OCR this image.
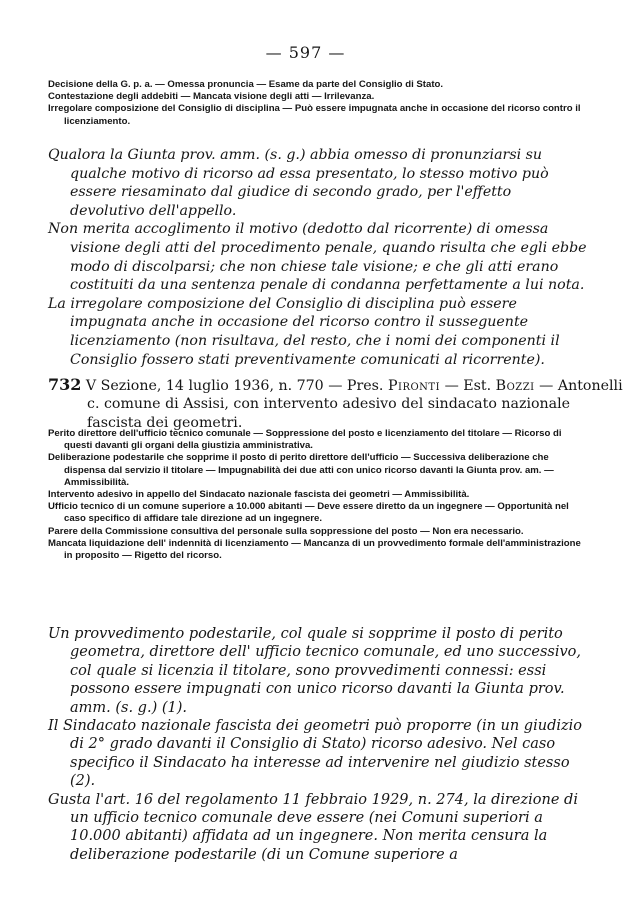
— 597 —
Decisione della G. p. a. — Omessa pronuncia — Esame da parte del Consiglio di Stato.
Contestazione degli addebiti — Mancata visione degli atti — Irrilevanza.
Irregolare composizione del Consiglio di disciplina — Può essere impugnata anche in occasione del ricorso contro il licenziamento.

Qualora la Giunta prov. amm. (s. g.) abbia omesso di pronunziarsi su qualche motivo di ricorso ad essa presentato, lo stesso motivo può essere riesaminato dal giudice di secondo grado, per l'effetto devolutivo dell'appello.

Non merita accoglimento il motivo (dedotto dal ricorrente) di omessa visione degli atti del procedimento penale, quando risulta che egli ebbe modo di discolparsi; che non chiese tale visione; e che gli atti erano costituiti da una sentenza penale di condanna perfettamente a lui nota.

La irregolare composizione del Consiglio di disciplina può essere impugnata anche in occasione del ricorso contro il susseguente licenziamento (non risultava, del resto, che i nomi dei componenti il Consiglio fossero stati preventivamente comunicati al ricorrente).

732 V Sezione, 14 luglio 1936, n. 770 — Pres. Pironti — Est. Bozzi — Antonelli c. comune di Assisi, con intervento adesivo del sindacato nazionale fascista dei geometri.
Perito direttore dell'ufficio tecnico comunale — Soppressione del posto e licenziamento del titolare — Ricorso di questi davanti gli organi della giustizia amministrativa.
Deliberazione podestarile che sopprime il posto di perito direttore dell'ufficio — Successiva deliberazione che dispensa dal servizio il titolare — Impugnabilità dei due atti con unico ricorso davanti la Giunta prov. am. — Ammissibilità.
Intervento adesivo in appello del Sindacato nazionale fascista dei geometri — Ammissibilità.
Ufficio tecnico di un comune superiore a 10.000 abitanti — Deve essere diretto da un ingegnere — Opportunità nel caso specifico di affidare tale direzione ad un ingegnere.
Parere della Commissione consultiva del personale sulla soppressione del posto — Non era necessario.
Mancata liquidazione dell' indennità di licenziamento — Mancanza di un provvedimento formale dell'amministrazione in proposito — Rigetto del ricorso.

Un provvedimento podestarile, col quale si sopprime il posto di perito geometra, direttore dell' ufficio tecnico comunale, ed uno successivo, col quale si licenzia il titolare, sono provvedimenti connessi: essi possono essere impugnati con unico ricorso davanti la Giunta prov. amm. (s. g.) (1).

Il Sindacato nazionale fascista dei geometri può proporre (in un giudizio di 2° grado davanti il Consiglio di Stato) ricorso adesivo. Nel caso specifico il Sindacato ha interesse ad intervenire nel giudizio stesso (2).

Gusta l'art. 16 del regolamento 11 febbraio 1929, n. 274, la direzione di un ufficio tecnico comunale deve essere (nei Comuni superiori a 10.000 abitanti) affidata ad un ingegnere. Non merita censura la deliberazione podestarile (di un Comune superiore a
